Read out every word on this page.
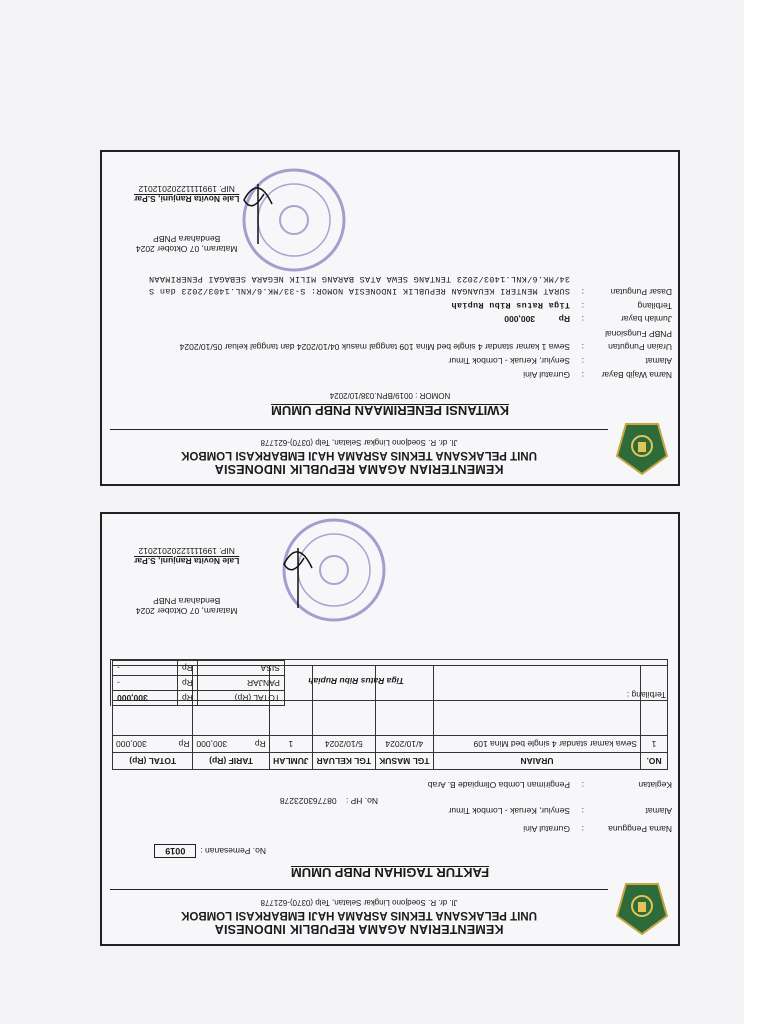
KEMENTERIAN AGAMA REPUBLIK INDONESIA
UNIT PELAKSANA TEKNIS ASRAMA HAJI EMBARKASI LOMBOK
Jl. dr. R. Soedjono Lingkar Selatan, Telp (0370)-621778
KWITANSI PENERIMAAN PNBP UMUM
NOMOR : 0019/BPN.038/10/2024
Nama Wajib Bayar:Gurratul Aini
Alamat:Senyiur, Keruak - Lombok Timur
Uraian Pungutan:Sewa 1 kamar standar 4 single bed Mina 109 tanggal masuk 04/10/2024 dan tanggal keluar 05/10/2024
PNBP Fungsional
Jumlah bayar:Rp          300,000
Terbilang:Tiga Ratus Ribu Rupiah
Dasar Pungutan:SURAT MENTERI KEUANGAN REPUBLIK INDONESIA NOMOR: S-33/MK.6/KNL.1403/2023 dan S
34/MK.6/KNL.1403/2023 TENTANG SEWA ATAS BARANG MILIK NEGARA SEBAGAI PENERIMAAN
Mataram, 07 Oktober 2024
Bendahara PNBP
Lale Novita Ranjuni, S.Par
NIP. 19911112202012012
KEMENTERIAN AGAMA REPUBLIK INDONESIA
UNIT PELAKSANA TEKNIS ASRAMA HAJI EMBARKASI LOMBOK
Jl. dr. R. Soedjono Lingkar Selatan, Telp (0370)-621778
FAKTUR TAGIHAN PNBP UMUM
No. Pemesanan :0019
Nama Pengguna:Gurratul Aini
Alamat:Senyiur, Keruak - Lombok Timur
No. HP :    087763023278
Kegiatan:Pengiriman Lomba Olimpiade B. Arab
NO.	URAIAN	TGL MASUK	TGL KELUAR	JUMLAH	TARIF (Rp)		TOTAL (Rp)	
1	Sewa kamar standar 4 single bed Mina 109	4/10/2024	5/10/2024	1	Rp	300,000	Rp	300,000

Terbilang :
Tiga Ratus Ribu Rupiah
TOTAL (Rp)	Rp	300,000
PANJAR	Rp	-
SISA	Rp	-
Mataram, 07 Oktober 2024
Bendahara PNBP
Lale Novita Ranjuni, S.Par
NIP. 19911112202012012
